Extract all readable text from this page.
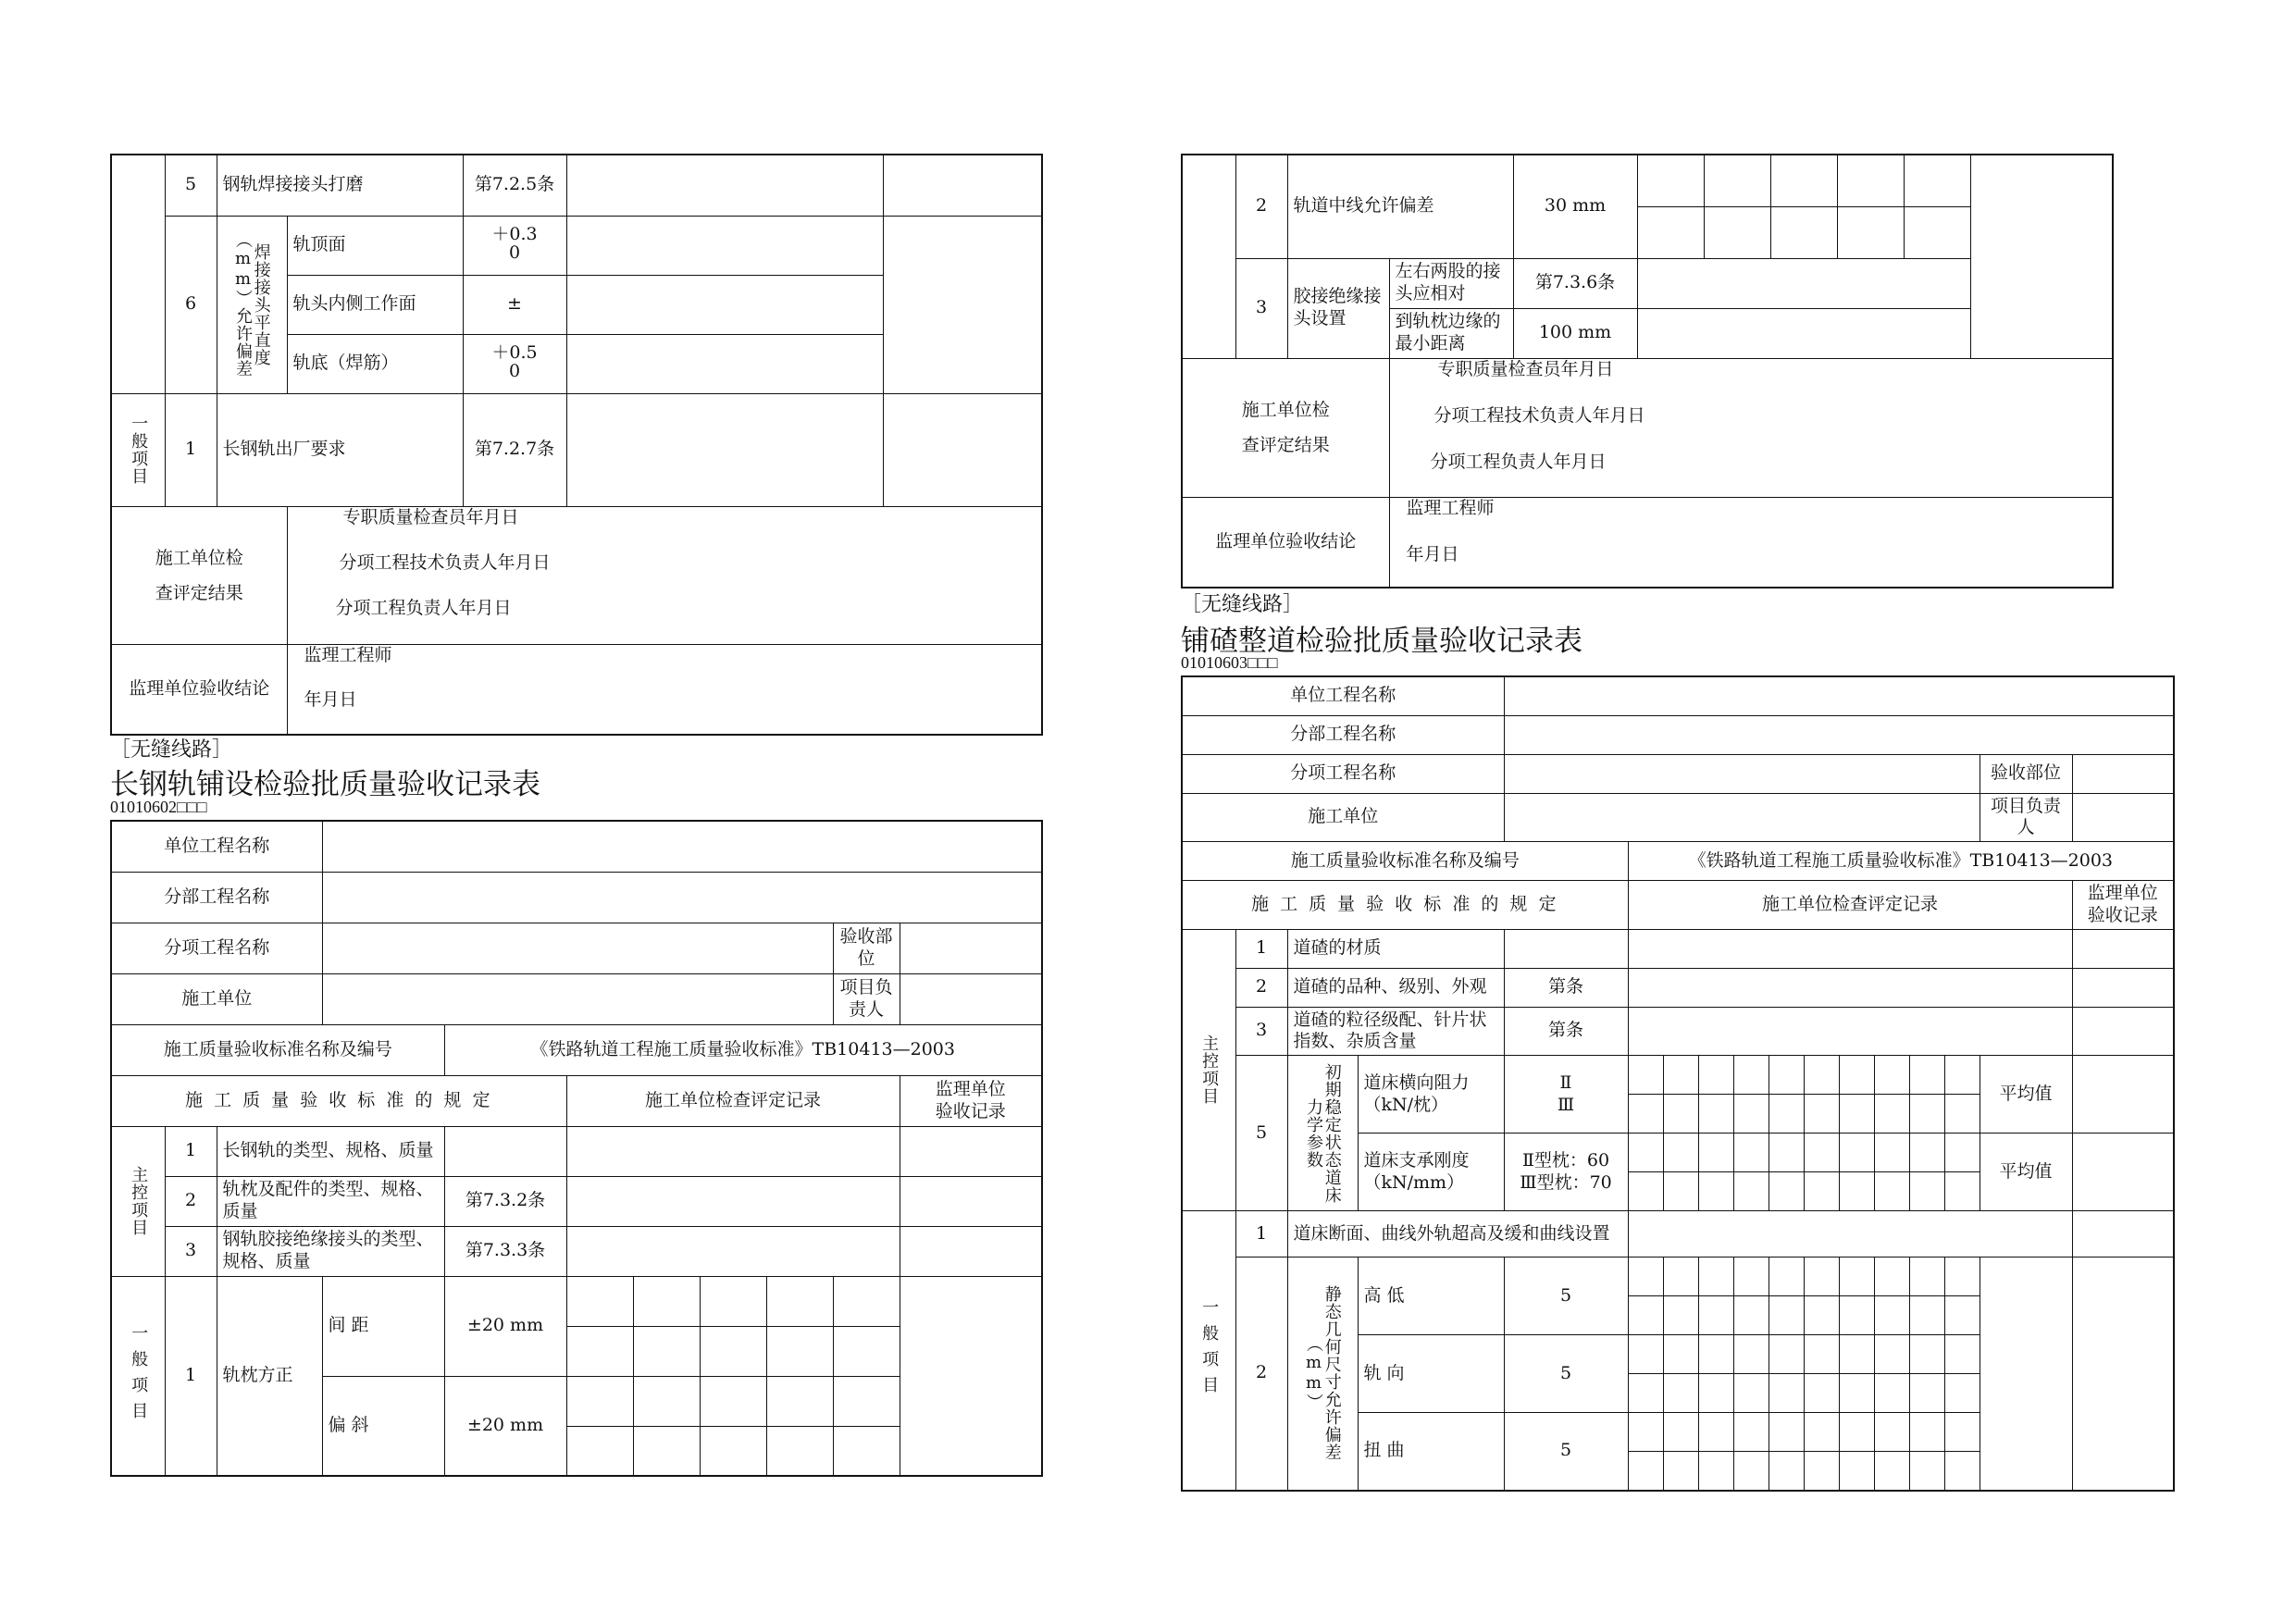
	5	钢轨焊接接头打磨		第7.2.5条		
	6	焊接接头平直度（mm）允许偏差	轨顶面	＋0.3
0		
			轨头内侧工作面	±		
			轨底（焊筋）	＋0.5
0		

一般项目	1	长钢轨出厂要求		第7.2.7条		

施工单位检查评定结果			专职质量检查员年月日
分项工程技术负责人年月日
分项工程负责人年月日			

监理单位验收结论			监理工程师
年月日			
［无缝线路］
长钢轨铺设检验批质量验收记录表
01010602□□□
单位工程名称										
分部工程名称										
分项工程名称									验收部位	
施工单位									项目负责人	
施工质量验收标准名称及编号				《铁路轨道工程施工质量验收标准》TB10413—2003						
施 工 质 量 验 收 标 准 的 规 定					施工单位检查评定记录					监理单位
验收记录

主控项目	1	长钢轨的类型、规格、质量								
	2	轨枕及配件的类型、规格、质量		第7.3.2条						
	3	钢轨胶接绝缘接头的类型、规格、质量		第7.3.3条						

一般项目	1	轨枕方正	间 距	±20 mm						

			偏 斜	±20 mm						

	2	轨道中线允许偏差		30 mm						

	3	胶接绝缘接头设置	左右两股的接头应相对	第7.3.6条						
			到轨枕边缘的最小距离	100 mm						

施工单位检查评定结果			专职质量检查员年月日
分项工程技术负责人年月日
分项工程负责人年月日							

监理单位验收结论			监理工程师
年月日							
［无缝线路］
铺碴整道检验批质量验收记录表
01010603□□□
单位工程名称																
分部工程名称																
分项工程名称															验收部位	
施工单位															项目负责人	
施工质量验收标准名称及编号					《铁路轨道工程施工质量验收标准》TB10413—2003											
施 工 质 量 验 收 标 准 的 规 定					施工单位检查评定记录											监理单位
验收记录

主控项目	1	道碴的材质														
	2	道碴的品种、级别、外观		第条												
	3	道碴的粒径级配、针片状指数、杂质含量		第条												
	5	初期稳定状态道床力学参数	道床横向阻力（kN/枕）	Ⅱ
Ⅲ											平均值	

			道床支承刚度（kN/mm）	Ⅱ型枕：60
Ⅲ型枕：70											平均值	

一般项目	1	道床断面、曲线外轨超高及缓和曲线设置														
	2	静态几何尺寸允许偏差（mm）	高 低	5												

			轨 向	5												

			扭 曲	5												
